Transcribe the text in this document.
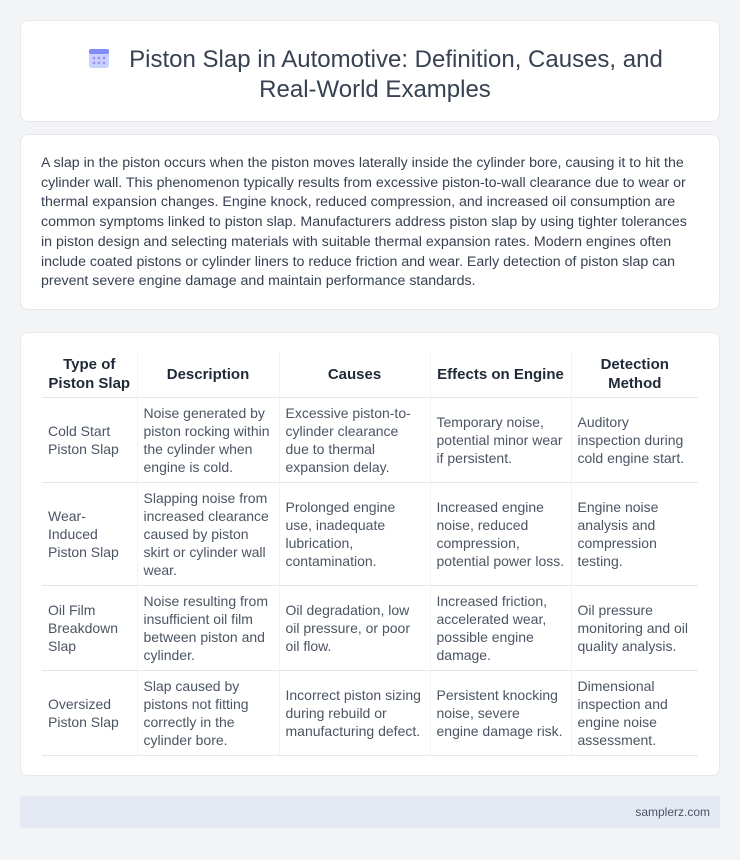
Piston Slap in Automotive: Definition, Causes, and Real-World Examples

A slap in the piston occurs when the piston moves laterally inside the cylinder bore, causing it to hit the cylinder wall. This phenomenon typically results from excessive piston-to-wall clearance due to wear or thermal expansion changes. Engine knock, reduced compression, and increased oil consumption are common symptoms linked to piston slap. Manufacturers address piston slap by using tighter tolerances in piston design and selecting materials with suitable thermal expansion rates. Modern engines often include coated pistons or cylinder liners to reduce friction and wear. Early detection of piston slap can prevent severe engine damage and maintain performance standards.

Type of Piston Slap	Description	Causes	Effects on Engine	Detection Method
Cold Start Piston Slap	Noise generated by piston rocking within the cylinder when engine is cold.	Excessive piston-to-cylinder clearance due to thermal expansion delay.	Temporary noise, potential minor wear if persistent.	Auditory inspection during cold engine start.
Wear-Induced Piston Slap	Slapping noise from increased clearance caused by piston skirt or cylinder wall wear.	Prolonged engine use, inadequate lubrication, contamination.	Increased engine noise, reduced compression, potential power loss.	Engine noise analysis and compression testing.
Oil Film Breakdown Slap	Noise resulting from insufficient oil film between piston and cylinder.	Oil degradation, low oil pressure, or poor oil flow.	Increased friction, accelerated wear, possible engine damage.	Oil pressure monitoring and oil quality analysis.
Oversized Piston Slap	Slap caused by pistons not fitting correctly in the cylinder bore.	Incorrect piston sizing during rebuild or manufacturing defect.	Persistent knocking noise, severe engine damage risk.	Dimensional inspection and engine noise assessment.
samplerz.com
